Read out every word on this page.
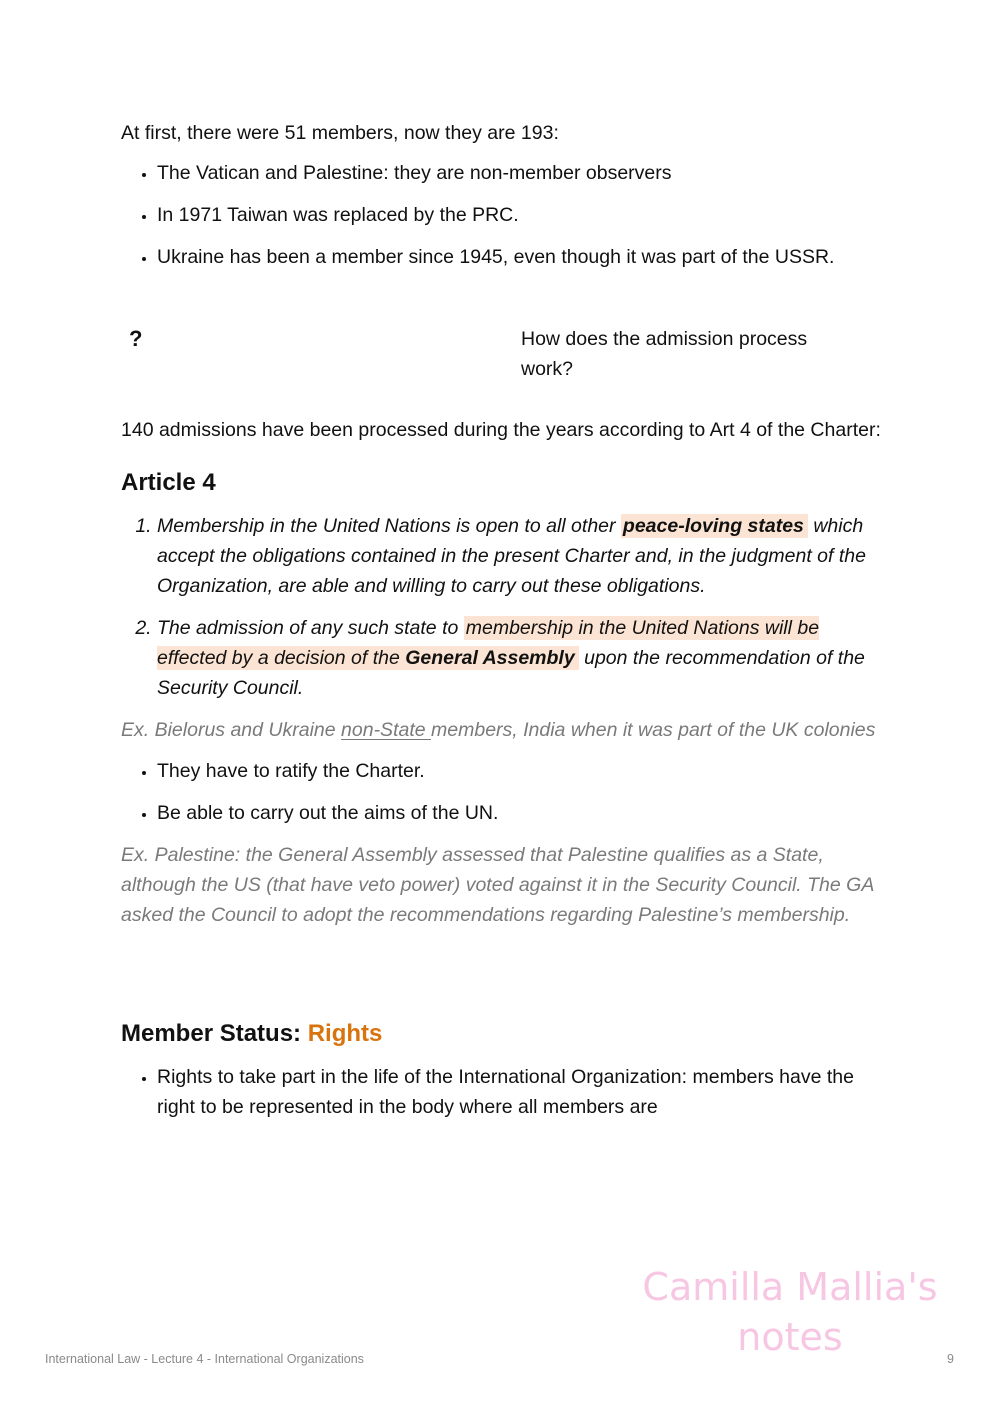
At first, there were 51 members, now they are 193:

• The Vatican and Palestine: they are non-member observers
• In 1971 Taiwan was replaced by the PRC.
• Ukraine has been a member since 1945, even though it was part of the USSR.
?	How does the admission process work?

140 admissions have been processed during the years according to Art 4 of the Charter:

Article 4
1. Membership in the United Nations is open to all other peace-loving states which accept the obligations contained in the present Charter and, in the judgment of the Organization, are able and willing to carry out these obligations.
2. The admission of any such state to membership in the United Nations will be effected by a decision of the General Assembly upon the recommendation of the Security Council.

Ex. Bielorus and Ukraine non-State members, India when it was part of the UK colonies

• They have to ratify the Charter.
• Be able to carry out the aims of the UN.

Ex. Palestine: the General Assembly assessed that Palestine qualifies as a State, although the US (that have veto power) voted against it in the Security Council. The GA asked the Council to adopt the recommendations regarding Palestine’s membership.

Member Status: Rights
• Rights to take part in the life of the International Organization: members have the right to be represented in the body where all members are
Camilla Mallia's
notes
International Law - Lecture 4 - International Organizations	9
